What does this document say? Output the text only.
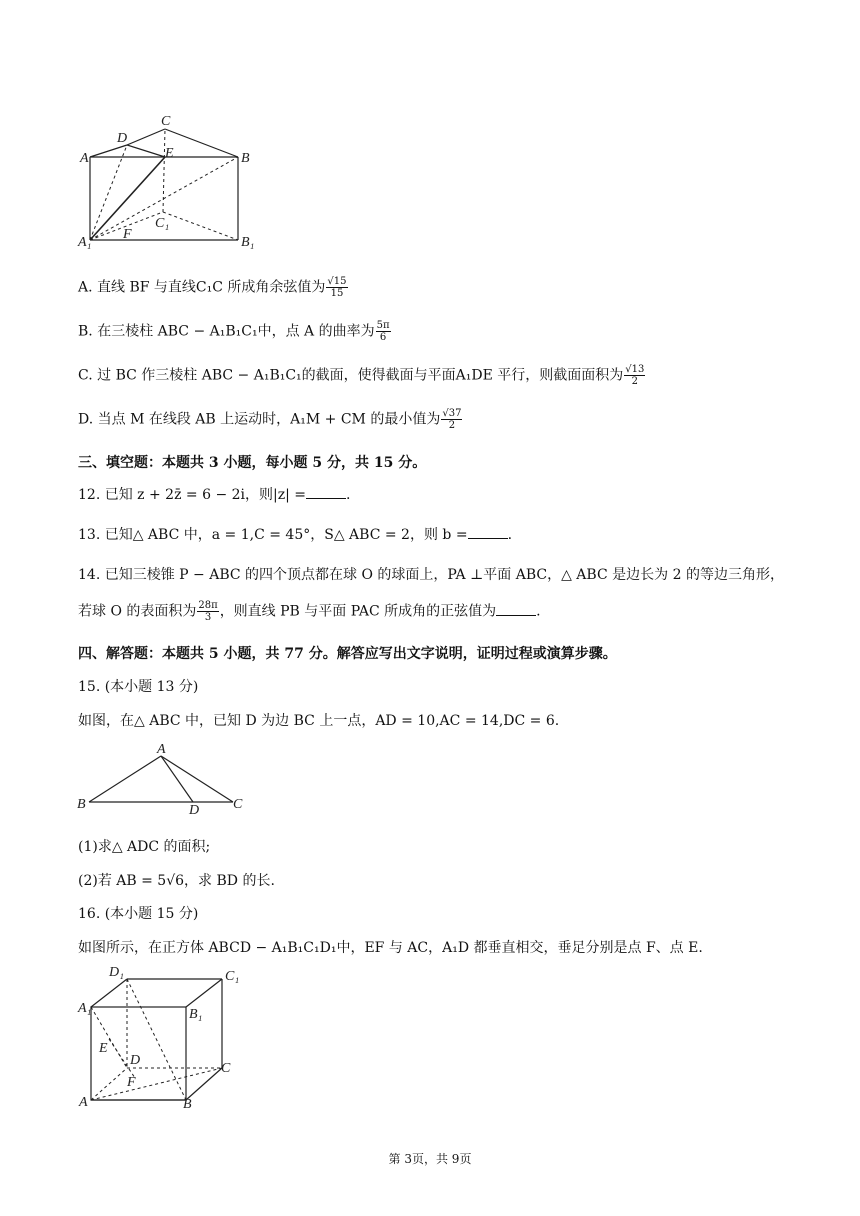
C
D
A	E	B
C₁
F
A₁	B₁
A. 直线 BF 与直线C₁C 所成角余弦值为 $\frac{√15}{15}$
B. 在三棱柱 ABC − A₁B₁C₁中，点 A 的曲率为 $\frac{5\pi}{6}$
C. 过 BC 作三棱柱 ABC − A₁B₁C₁的截面，使得截面与平面A₁DE 平行，则截面面积为 $\frac{√13}{2}$
D. 当点 M 在线段 AB 上运动时，A₁M + CM 的最小值为 $\frac{√37}{2}$
三、填空题：本题共 3 小题，每小题 5 分，共 15 分。
12. 已知 z + 2z̄ = 6 − 2i，则|z| =	.
13. 已知△ ABC 中，a = 1,C = 45°，S△ ABC = 2，则 b =	.
14. 已知三棱锥 P − ABC 的四个顶点都在球 O 的球面上，PA ⊥平面 ABC，△ ABC 是边长为 2 的等边三角形，
若球 O 的表面积为 $\frac{28\pi}{3}$ ，则直线 PB 与平面 PAC 所成角的正弦值为	.
四、解答题：本题共 5 小题，共 77 分。解答应写出文字说明，证明过程或演算步骤。
15. (本小题 13 分)
如图，在△ ABC 中，已知 D 为边 BC 上一点，AD = 10,AC = 14,DC = 6.
A
B	D C
(1)求△ ADC 的面积;
(2)若 AB = 5√6，求 BD 的长.
16. (本小题 15 分)
如图所示，在正方体 ABCD − A₁B₁C₁D₁中，EF 与 AC，A₁D 都垂直相交，垂足分别是点 F、点 E.
D₁	C₁
A₁	B₁
E
D
C
F
A	B
第 3页，共 9页
